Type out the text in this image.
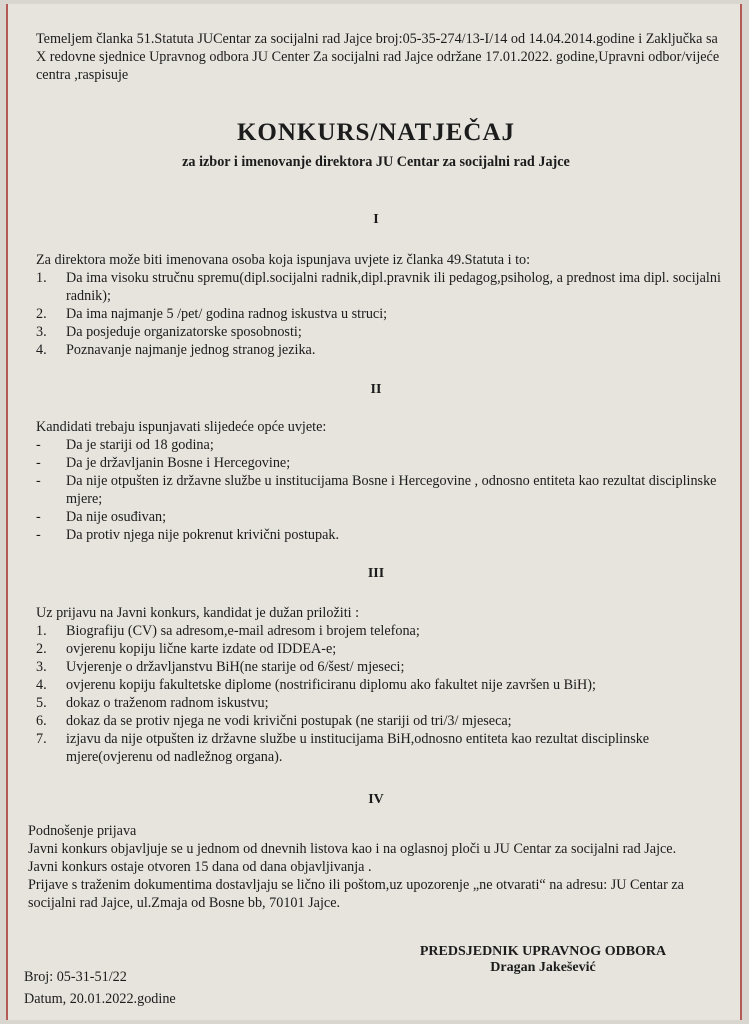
Temeljem članka 51.Statuta JUCentar za socijalni rad Jajce broj:05-35-274/13-I/14 od 14.04.2014.godine i Zaključka sa X redovne sjednice Upravnog odbora JU Center Za socijalni rad Jajce održane 17.01.2022. godine,Upravni odbor/vijeće centra ,raspisuje
KONKURS/NATJEČAJ
za izbor i imenovanje direktora JU Centar za socijalni rad Jajce
I
Za direktora može biti imenovana osoba koja ispunjava uvjete iz članka 49.Statuta i to:
1. Da ima visoku stručnu spremu(dipl.socijalni radnik,dipl.pravnik ili pedagog,psiholog, a prednost ima dipl. socijalni radnik);
2. Da ima najmanje 5 /pet/ godina radnog iskustva u struci;
3. Da posjeduje organizatorske sposobnosti;
4. Poznavanje najmanje jednog stranog jezika.
II
Kandidati trebaju ispunjavati slijedeće opće uvjete:
- Da je stariji od 18 godina;
- Da je državljanin Bosne i Hercegovine;
- Da nije otpušten iz državne službe u institucijama Bosne i Hercegovine , odnosno entiteta kao rezultat disciplinske mjere;
- Da nije osuđivan;
- Da protiv njega nije pokrenut krivični postupak.
III
Uz prijavu na Javni konkurs, kandidat je dužan priložiti :
1. Biografiju (CV) sa adresom,e-mail adresom i brojem telefona;
2. ovjerenu kopiju lične karte izdate od IDDEA-e;
3. Uvjerenje o državljanstvu BiH(ne starije od 6/šest/ mjeseci;
4. ovjerenu kopiju fakultetske diplome (nostrificiranu diplomu ako fakultet nije završen u BiH);
5. dokaz o traženom radnom iskustvu;
6. dokaz da se protiv njega ne vodi krivični postupak (ne stariji od tri/3/ mjeseca;
7. izjavu da nije otpušten iz državne službe u institucijama BiH,odnosno entiteta kao rezultat disciplinske mjere(ovjerenu od nadležnog organa).
IV
Podnošenje prijava
Javni konkurs objavljuje se u jednom od dnevnih listova kao i na oglasnoj ploči u JU Centar za socijalni rad Jajce.
Javni konkurs ostaje otvoren 15 dana od dana objavljivanja .
Prijave s traženim dokumentima dostavljaju se lično ili poštom,uz upozorenje „ne otvarati“ na adresu: JU Centar za socijalni rad Jajce, ul.Zmaja od Bosne bb, 70101 Jajce.
PREDSJEDNIK UPRAVNOG ODBORA
Dragan Jakešević
Broj: 05-31-51/22
Datum, 20.01.2022.godine
